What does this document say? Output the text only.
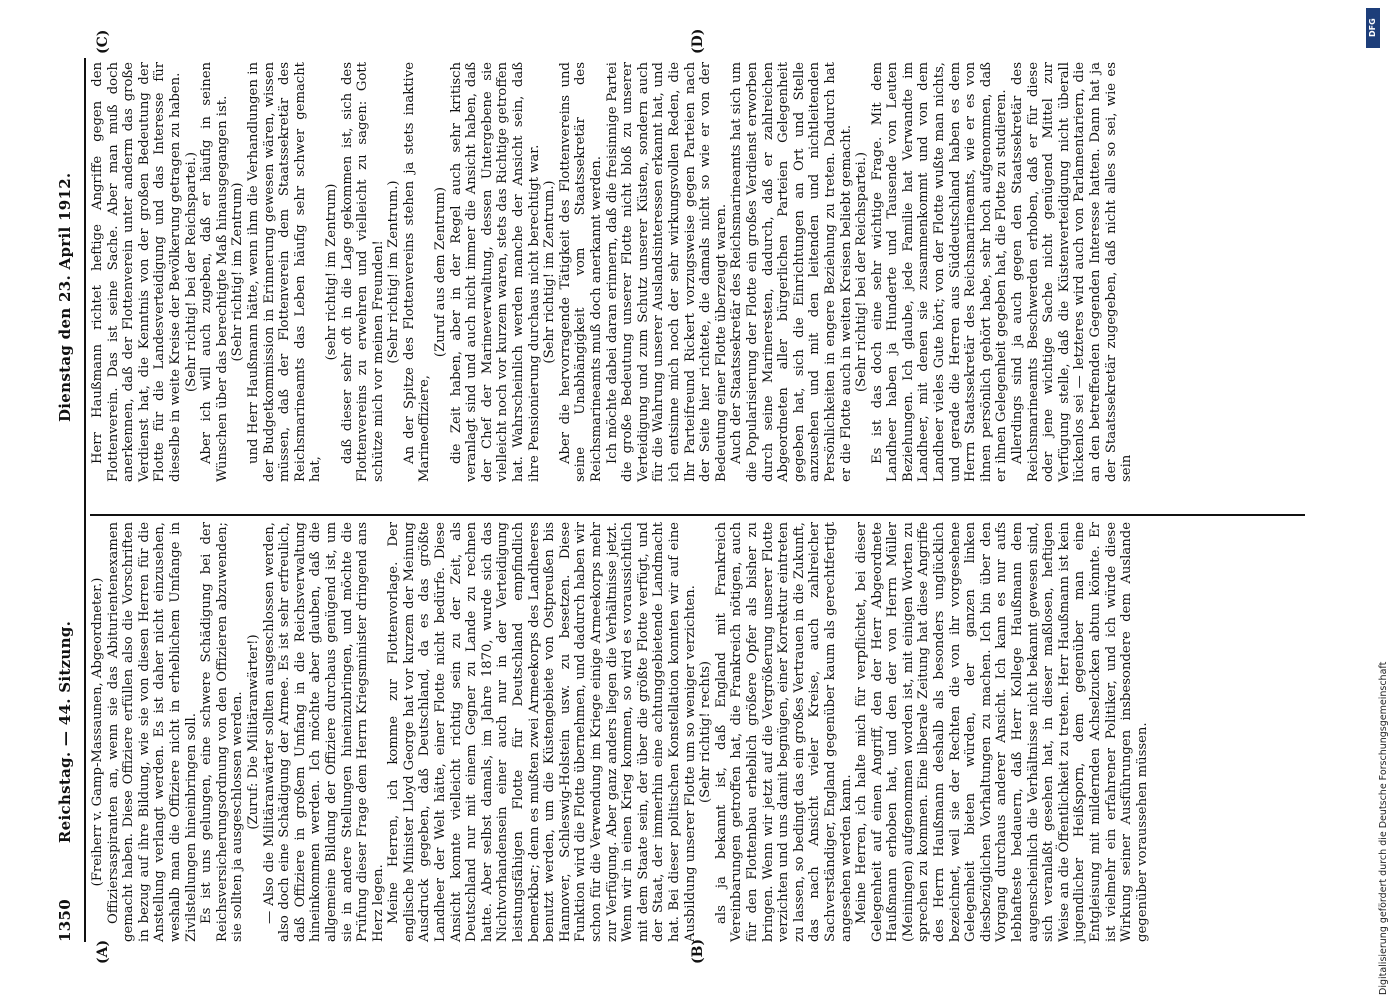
DFG
Digitalisierung gefördert durch die Deutsche Forschungsgemeinschaft
1350
Reichstag. — 44. Sitzung.
Dienstag den 23. April 1912.
(A)	(B)
(C)	(D)

(Freiherr v. Gamp-Massaunen, Abgeordneter.) Offiziersaspiranten an, wenn sie das Abiturientenexamen gemacht haben. Diese Offiziere erfüllen also die Vorschriften in bezug auf ihre Bildung, wie sie von diesen Herren für die Anstellung verlangt werden. Es ist daher nicht einzusehen, weshalb man die Offiziere nicht in erheblichem Umfange in Zivilstellungen hineinbringen soll. Es ist uns gelungen, eine schwere Schädigung bei der Reichsversicherungsordnung von den Offizieren abzuwenden; sie sollten ja ausgeschlossen werden. (Zuruf: Die Militäranwärter!) — Also die Militäranwärter sollten ausgeschlossen werden, also doch eine Schädigung der Armee. Es ist sehr erfreulich, daß Offiziere in großem Umfang in die Reichsverwaltung hineinkommen werden. Ich möchte aber glauben, daß die allgemeine Bildung der Offiziere durchaus genügend ist, um sie in andere Stellungen hineinzubringen, und möchte die Prüfung dieser Frage dem Herrn Kriegsminister dringend ans Herz legen. Meine Herren, ich komme zur Flottenvorlage. Der englische Minister Lloyd George hat vor kurzem der Meinung Ausdruck gegeben, daß Deutschland, da es das größte Landheer der Welt hätte, einer Flotte nicht bedürfe. Diese Ansicht konnte vielleicht richtig sein zu der Zeit, als Deutschland nur mit einem Gegner zu Lande zu rechnen hatte. Aber selbst damals, im Jahre 1870, wurde sich das Nichtvorhandensein einer auch nur in der Verteidigung leistungsfähigen Flotte für Deutschland empfindlich bemerkbar; denn es mußten zwei Armeekorps des Landheeres benutzt werden, um die Küstengebiete von Ostpreußen bis Hannover, Schleswig-Holstein usw. zu besetzen. Diese Funktion wird die Flotte übernehmen, und dadurch haben wir schon für die Verwendung im Kriege einige Armeekorps mehr zur Verfügung. Aber ganz anders liegen die Verhältnisse jetzt. Wenn wir in einen Krieg kommen, so wird es voraussichtlich mit dem Staate sein, der über die größte Flotte verfügt, und der Staat, der immerhin eine achtunggebietende Landmacht hat. Bei dieser politischen Konstellation konnten wir auf eine Ausbildung unserer Flotte um so weniger verzichten. (Sehr richtig! rechts) als ja bekannt ist, daß England mit Frankreich Vereinbarungen getroffen hat, die Frankreich nötigen, auch für den Flottenbau erheblich größere Opfer als bisher zu bringen. Wenn wir jetzt auf die Vergrößerung unserer Flotte verzichten und uns damit begnügen, einer Korrektur eintreten zu lassen, so bedingt das ein großes Vertrauen in die Zukunft, das nach Ansicht vieler Kreise, auch zahlreicher Sachverständiger, England gegenüber kaum als gerechtfertigt angesehen werden kann. Meine Herren, ich halte mich für verpflichtet, bei dieser Gelegenheit auf einen Angriff, den der Herr Abgeordnete Haußmann erhoben hat, und den der von Herrn Müller (Meiningen) aufgenommen worden ist, mit einigen Worten zu sprechen zu kommen. Eine liberale Zeitung hat diese Angriffe des Herrn Haußmann deshalb als besonders unglücklich bezeichnet, weil sie der Rechten die von ihr vorgesehene Gelegenheit bieten würden, der ganzen linken diesbezüglichen Vorhaltungen zu machen. Ich bin über den Vorgang durchaus anderer Ansicht. Ich kann es nur aufs lebhafteste bedauern, daß Herr Kollege Haußmann dem augenscheinlich die Verhältnisse nicht bekannt gewesen sind, sich veranlaßt gesehen hat, in dieser maßlosen, heftigen Weise an die Öffentlichkeit zu treten. Herr Haußmann ist kein jugendlicher Heißsporn, dem gegenüber man eine Entgleisung mit mildernden Achselzucken abtun könnte. Er ist vielmehr ein erfahrener Politiker, und ich würde diese Wirkung seiner Ausführungen insbesondere dem Auslande gegenüber voraussehen müssen.

Herr Haußmann richtet heftige Angriffe gegen den Flottenverein. Das ist seine Sache. Aber man muß doch anerkennen, daß der Flottenverein unter anderm das große Verdienst hat, die Kenntnis von der großen Bedeutung der Flotte für die Landesverteidigung und das Interesse für dieselbe in weite Kreise der Bevölkerung getragen zu haben. (Sehr richtig! bei der Reichspartei.) Aber ich will auch zugeben, daß er häufig in seinen Wünschen über das berechtigte Maß hinausgegangen ist. (Sehr richtig! im Zentrum) und Herr Haußmann hätte, wenn ihm die Verhandlungen in der Budgetkommission in Erinnerung gewesen wären, wissen müssen, daß der Flottenverein dem Staatssekretär des Reichsmarineamts das Leben häufig sehr schwer gemacht hat,

(sehr richtig! im Zentrum) daß dieser sehr oft in die Lage gekommen ist, sich des Flottenvereins zu erwehren und vielleicht zu sagen: Gott schütze mich vor meinen Freunden! (Sehr richtig! im Zentrum.) An der Spitze des Flottenvereins stehen ja stets inaktive Marineoffiziere,

(Zuruf aus dem Zentrum) die Zeit haben, aber in der Regel auch sehr kritisch veranlagt sind und auch nicht immer die Ansicht haben, daß der Chef der Marineverwaltung, dessen Untergebene sie vielleicht noch vor kurzem waren, stets das Richtige getroffen hat. Wahrscheinlich werden manche der Ansicht sein, daß ihre Pensionierung durchaus nicht berechtigt war. (Sehr richtig! im Zentrum.) Aber die hervorragende Tätigkeit des Flottenvereins und seine Unabhängigkeit vom Staatssekretär des Reichsmarineamts muß doch anerkannt werden. Ich möchte dabei daran erinnern, daß die freisinnige Partei die große Bedeutung unserer Flotte nicht bloß zu unserer Verteidigung und zum Schutz unserer Küsten, sondern auch für die Wahrung unserer Auslandsinteressen erkannt hat, und ich entsinne mich noch der sehr wirkungsvollen Reden, die Ihr Parteifreund Rickert vorzugsweise gegen Parteien nach der Seite hier richtete, die damals nicht so wie er von der Bedeutung einer Flotte überzeugt waren. Auch der Staatssekretär des Reichsmarineamts hat sich um die Popularisierung der Flotte ein großes Verdienst erworben durch seine Marineresten, dadurch, daß er zahlreichen Abgeordneten aller bürgerlichen Parteien Gelegenheit gegeben hat, sich die Einrichtungen an Ort und Stelle anzusehen und mit den leitenden und nichtleitenden Persönlichkeiten in engere Beziehung zu treten. Dadurch hat er die Flotte auch in weiten Kreisen beliebt gemacht. (Sehr richtig! bei der Reichspartei.) Es ist das doch eine sehr wichtige Frage. Mit dem Landheer haben ja Hunderte und Tausende von Leuten Beziehungen. Ich glaube, jede Familie hat Verwandte im Landheer, mit denen sie zusammenkommt und von dem Landheer vieles Gute hört; von der Flotte wußte man nichts, und gerade die Herren aus Süddeutschland haben es dem Herrn Staatssekretär des Reichsmarineamts, wie er es von ihnen persönlich gehört habe, sehr hoch aufgenommen, daß er ihnen Gelegenheit gegeben hat, die Flotte zu studieren. Allerdings sind ja auch gegen den Staatssekretär des Reichsmarineamts Beschwerden erhoben, daß er für diese oder jene wichtige Sache nicht genügend Mittel zur Verfügung stelle, daß die Küstenverteidigung nicht überall lückenlos sei — letzteres wird auch von Parlamentariern, die an den betreffenden Gegenden Interesse hatten. Dann hat ja der Staatssekretär zugegeben, daß nicht alles so sei, wie es sein
